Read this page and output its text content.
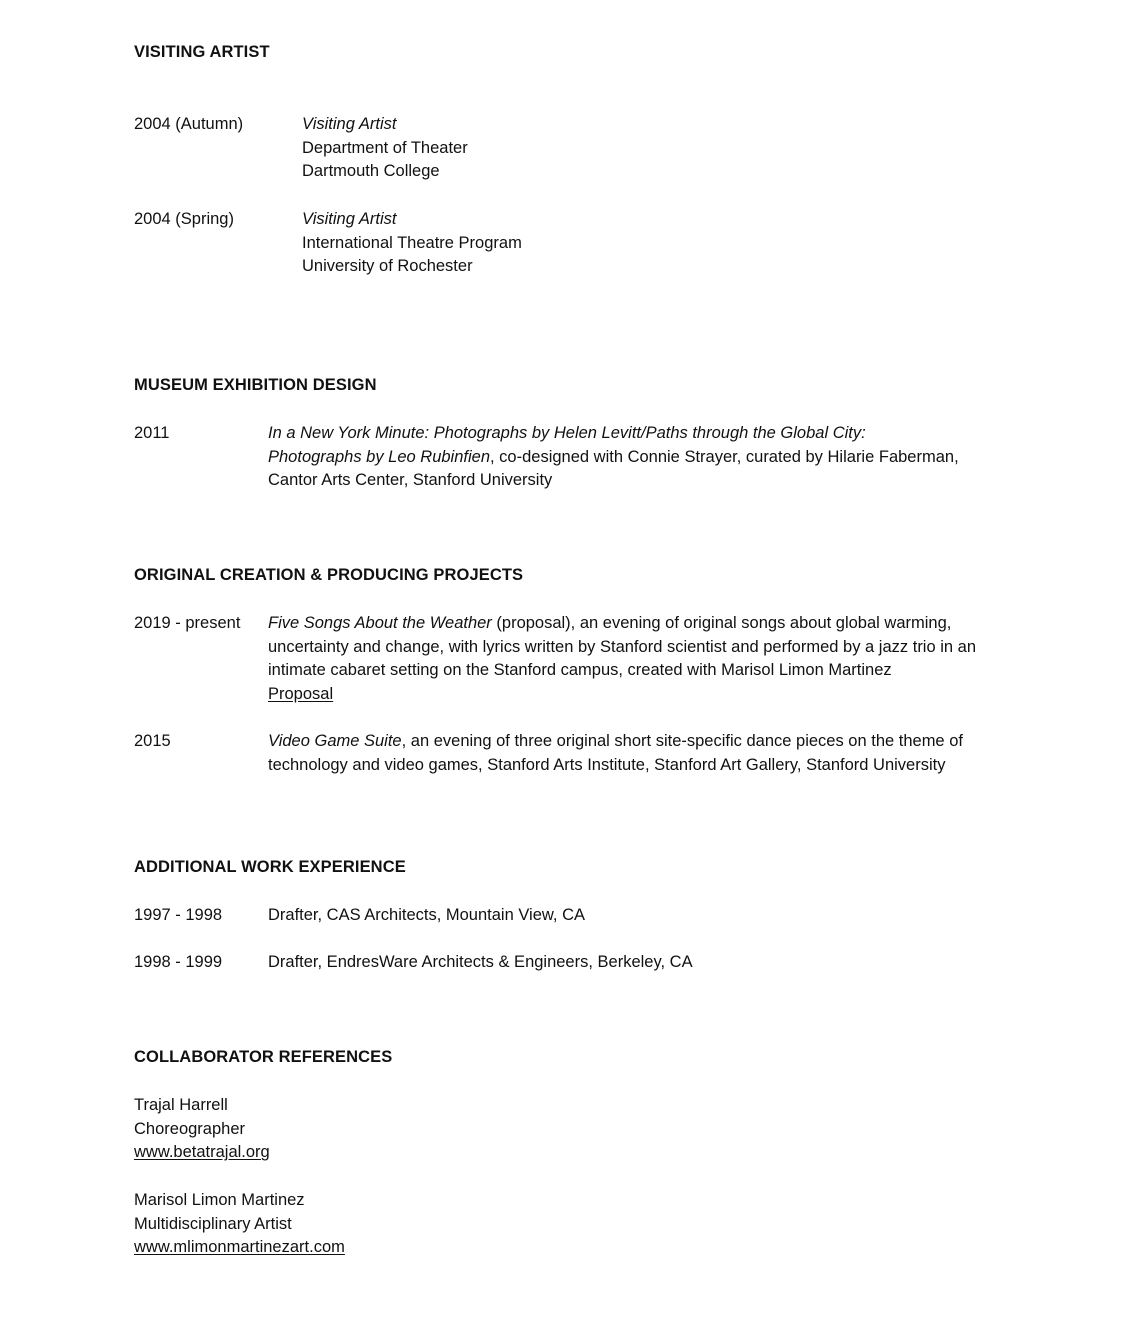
VISITING ARTIST
2004 (Autumn)	Visiting Artist
Department of Theater
Dartmouth College
2004 (Spring)	Visiting Artist
International Theatre Program
University of Rochester
MUSEUM EXHIBITION DESIGN
2011	In a New York Minute: Photographs by Helen Levitt/Paths through the Global City:
Photographs by Leo Rubinfien, co-designed with Connie Strayer, curated by Hilarie Faberman,
Cantor Arts Center, Stanford University
ORIGINAL CREATION & PRODUCING PROJECTS
2019 - present Five Songs About the Weather (proposal), an evening of original songs about global warming,
uncertainty and change, with lyrics written by Stanford scientist and performed by a jazz trio in an
intimate cabaret setting on the Stanford campus, created with Marisol Limon Martinez
Proposal
2015	Video Game Suite, an evening of three original short site-specific dance pieces on the theme of
technology and video games, Stanford Arts Institute, Stanford Art Gallery, Stanford University
ADDITIONAL WORK EXPERIENCE
1997 - 1998	Drafter, CAS Architects, Mountain View, CA
1998 - 1999	Drafter, EndresWare Architects & Engineers, Berkeley, CA
COLLABORATOR REFERENCES
Trajal Harrell
Choreographer
www.betatrajal.org
Marisol Limon Martinez
Multidisciplinary Artist
www.mlimonmartinezart.com
